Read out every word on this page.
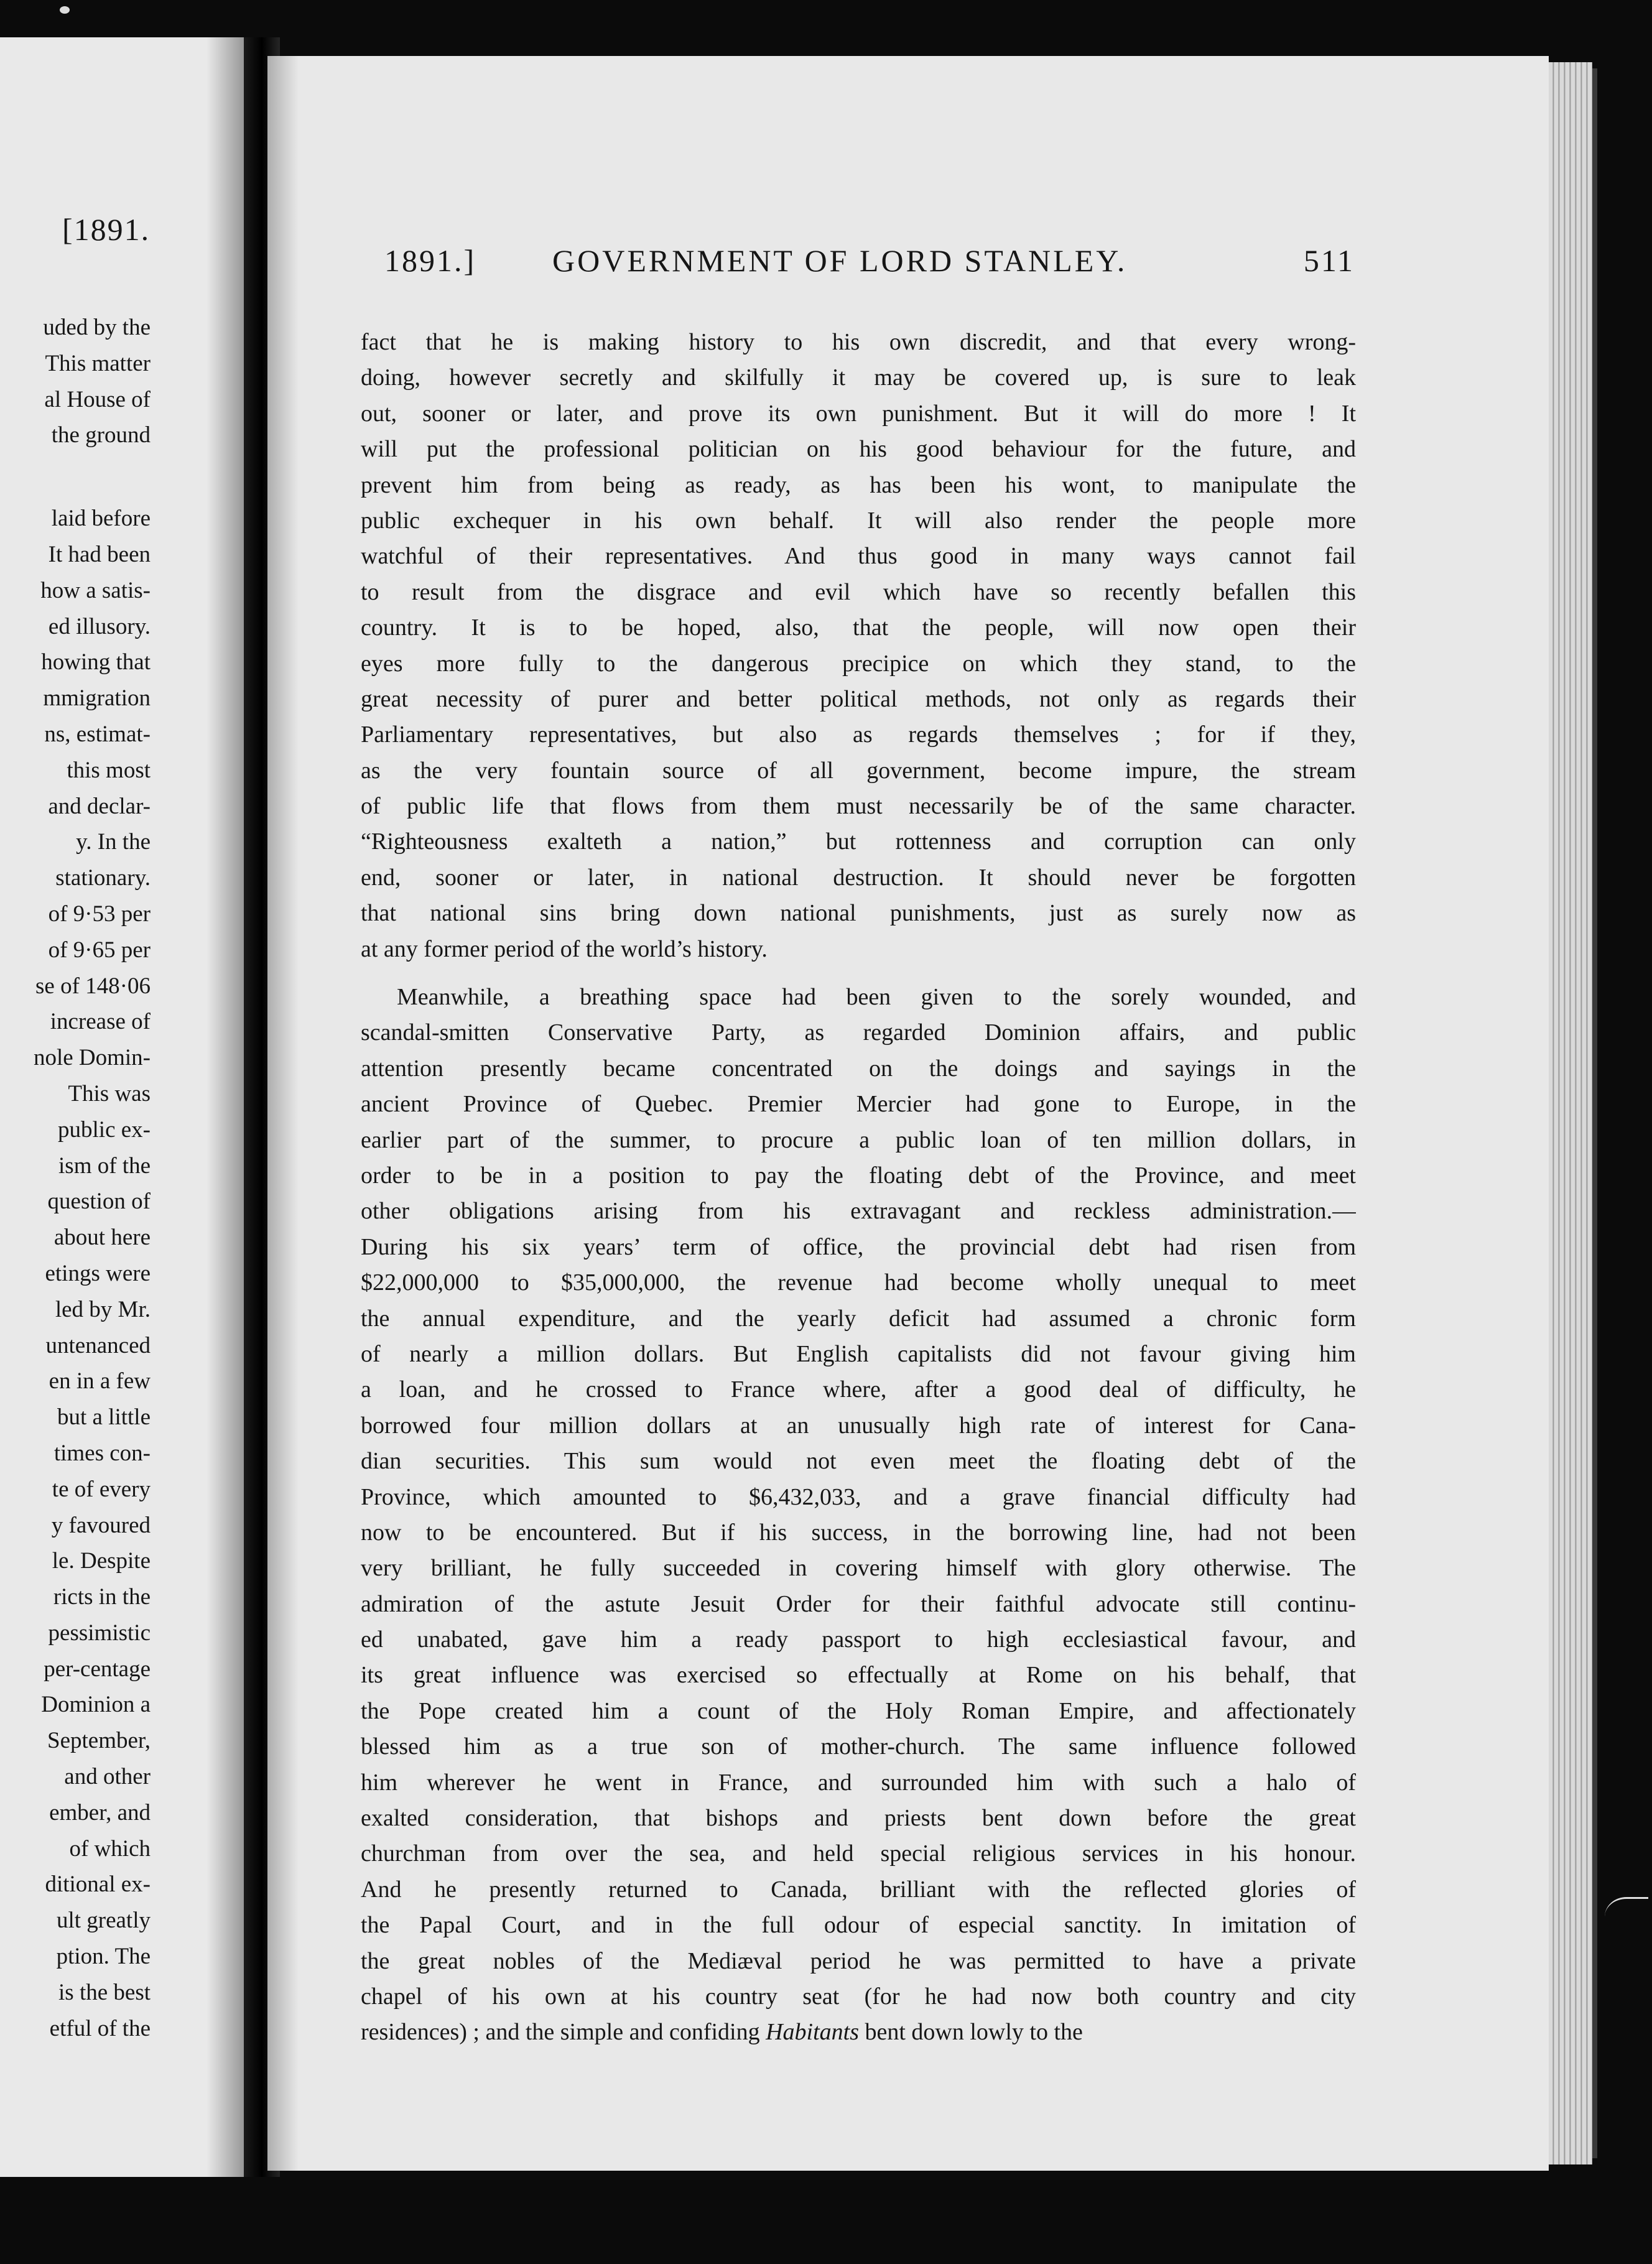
[1891.
uded by the
This matter
al House of
the ground
laid before
It had been
how a satis-
ed illusory.
howing that
mmigration
ns, estimat-
this most
and declar-
y. In the
stationary.
of 9·53 per
of 9·65 per
se of 148·06
increase of
nole Domin-
This was
public ex-
ism of the
question of
about here
etings were
led by Mr.
untenanced
en in a few
but a little
times con-
te of every
y favoured
le. Despite
ricts in the
pessimistic
per-centage
Dominion a
September,
and other
ember, and
of which
ditional ex-
ult greatly
ption. The
is the best
etful of the
1891.] GOVERNMENT OF LORD STANLEY.	511
fact that he is making history to his own discredit, and that every wrong-
doing, however secretly and skilfully it may be covered up, is sure to leak
out, sooner or later, and prove its own punishment. But it will do more ! It
will put the professional politician on his good behaviour for the future, and
prevent him from being as ready, as has been his wont, to manipulate the
public exchequer in his own behalf. It will also render the people more
watchful of their representatives. And thus good in many ways cannot fail
to result from the disgrace and evil which have so recently befallen this
country. It is to be hoped, also, that the people, will now open their
eyes more fully to the dangerous precipice on which they stand, to the
great necessity of purer and better political methods, not only as regards their
Parliamentary representatives, but also as regards themselves ; for if they,
as the very fountain source of all government, become impure, the stream
of public life that flows from them must necessarily be of the same character.
“Righteousness exalteth a nation,” but rottenness and corruption can only
end, sooner or later, in national destruction. It should never be forgotten
that national sins bring down national punishments, just as surely now as
at any former period of the world’s history.
Meanwhile, a breathing space had been given to the sorely wounded, and
scandal-smitten Conservative Party, as regarded Dominion affairs, and public
attention presently became concentrated on the doings and sayings in the
ancient Province of Quebec. Premier Mercier had gone to Europe, in the
earlier part of the summer, to procure a public loan of ten million dollars, in
order to be in a position to pay the floating debt of the Province, and meet
other obligations arising from his extravagant and reckless administration.—
During his six years’ term of office, the provincial debt had risen from
$22,000,000 to $35,000,000, the revenue had become wholly unequal to meet
the annual expenditure, and the yearly deficit had assumed a chronic form
of nearly a million dollars. But English capitalists did not favour giving him
a loan, and he crossed to France where, after a good deal of difficulty, he
borrowed four million dollars at an unusually high rate of interest for Cana-
dian securities. This sum would not even meet the floating debt of the
Province, which amounted to $6,432,033, and a grave financial difficulty had
now to be encountered. But if his success, in the borrowing line, had not been
very brilliant, he fully succeeded in covering himself with glory otherwise. The
admiration of the astute Jesuit Order for their faithful advocate still continu-
ed unabated, gave him a ready passport to high ecclesiastical favour, and
its great influence was exercised so effectually at Rome on his behalf, that
the Pope created him a count of the Holy Roman Empire, and affectionately
blessed him as a true son of mother-church. The same influence followed
him wherever he went in France, and surrounded him with such a halo of
exalted consideration, that bishops and priests bent down before the great
churchman from over the sea, and held special religious services in his honour.
And he presently returned to Canada, brilliant with the reflected glories of
the Papal Court, and in the full odour of especial sanctity. In imitation of
the great nobles of the Mediæval period he was permitted to have a private
chapel of his own at his country seat (for he had now both country and city
residences) ; and the simple and confiding Habitants bent down lowly to the
